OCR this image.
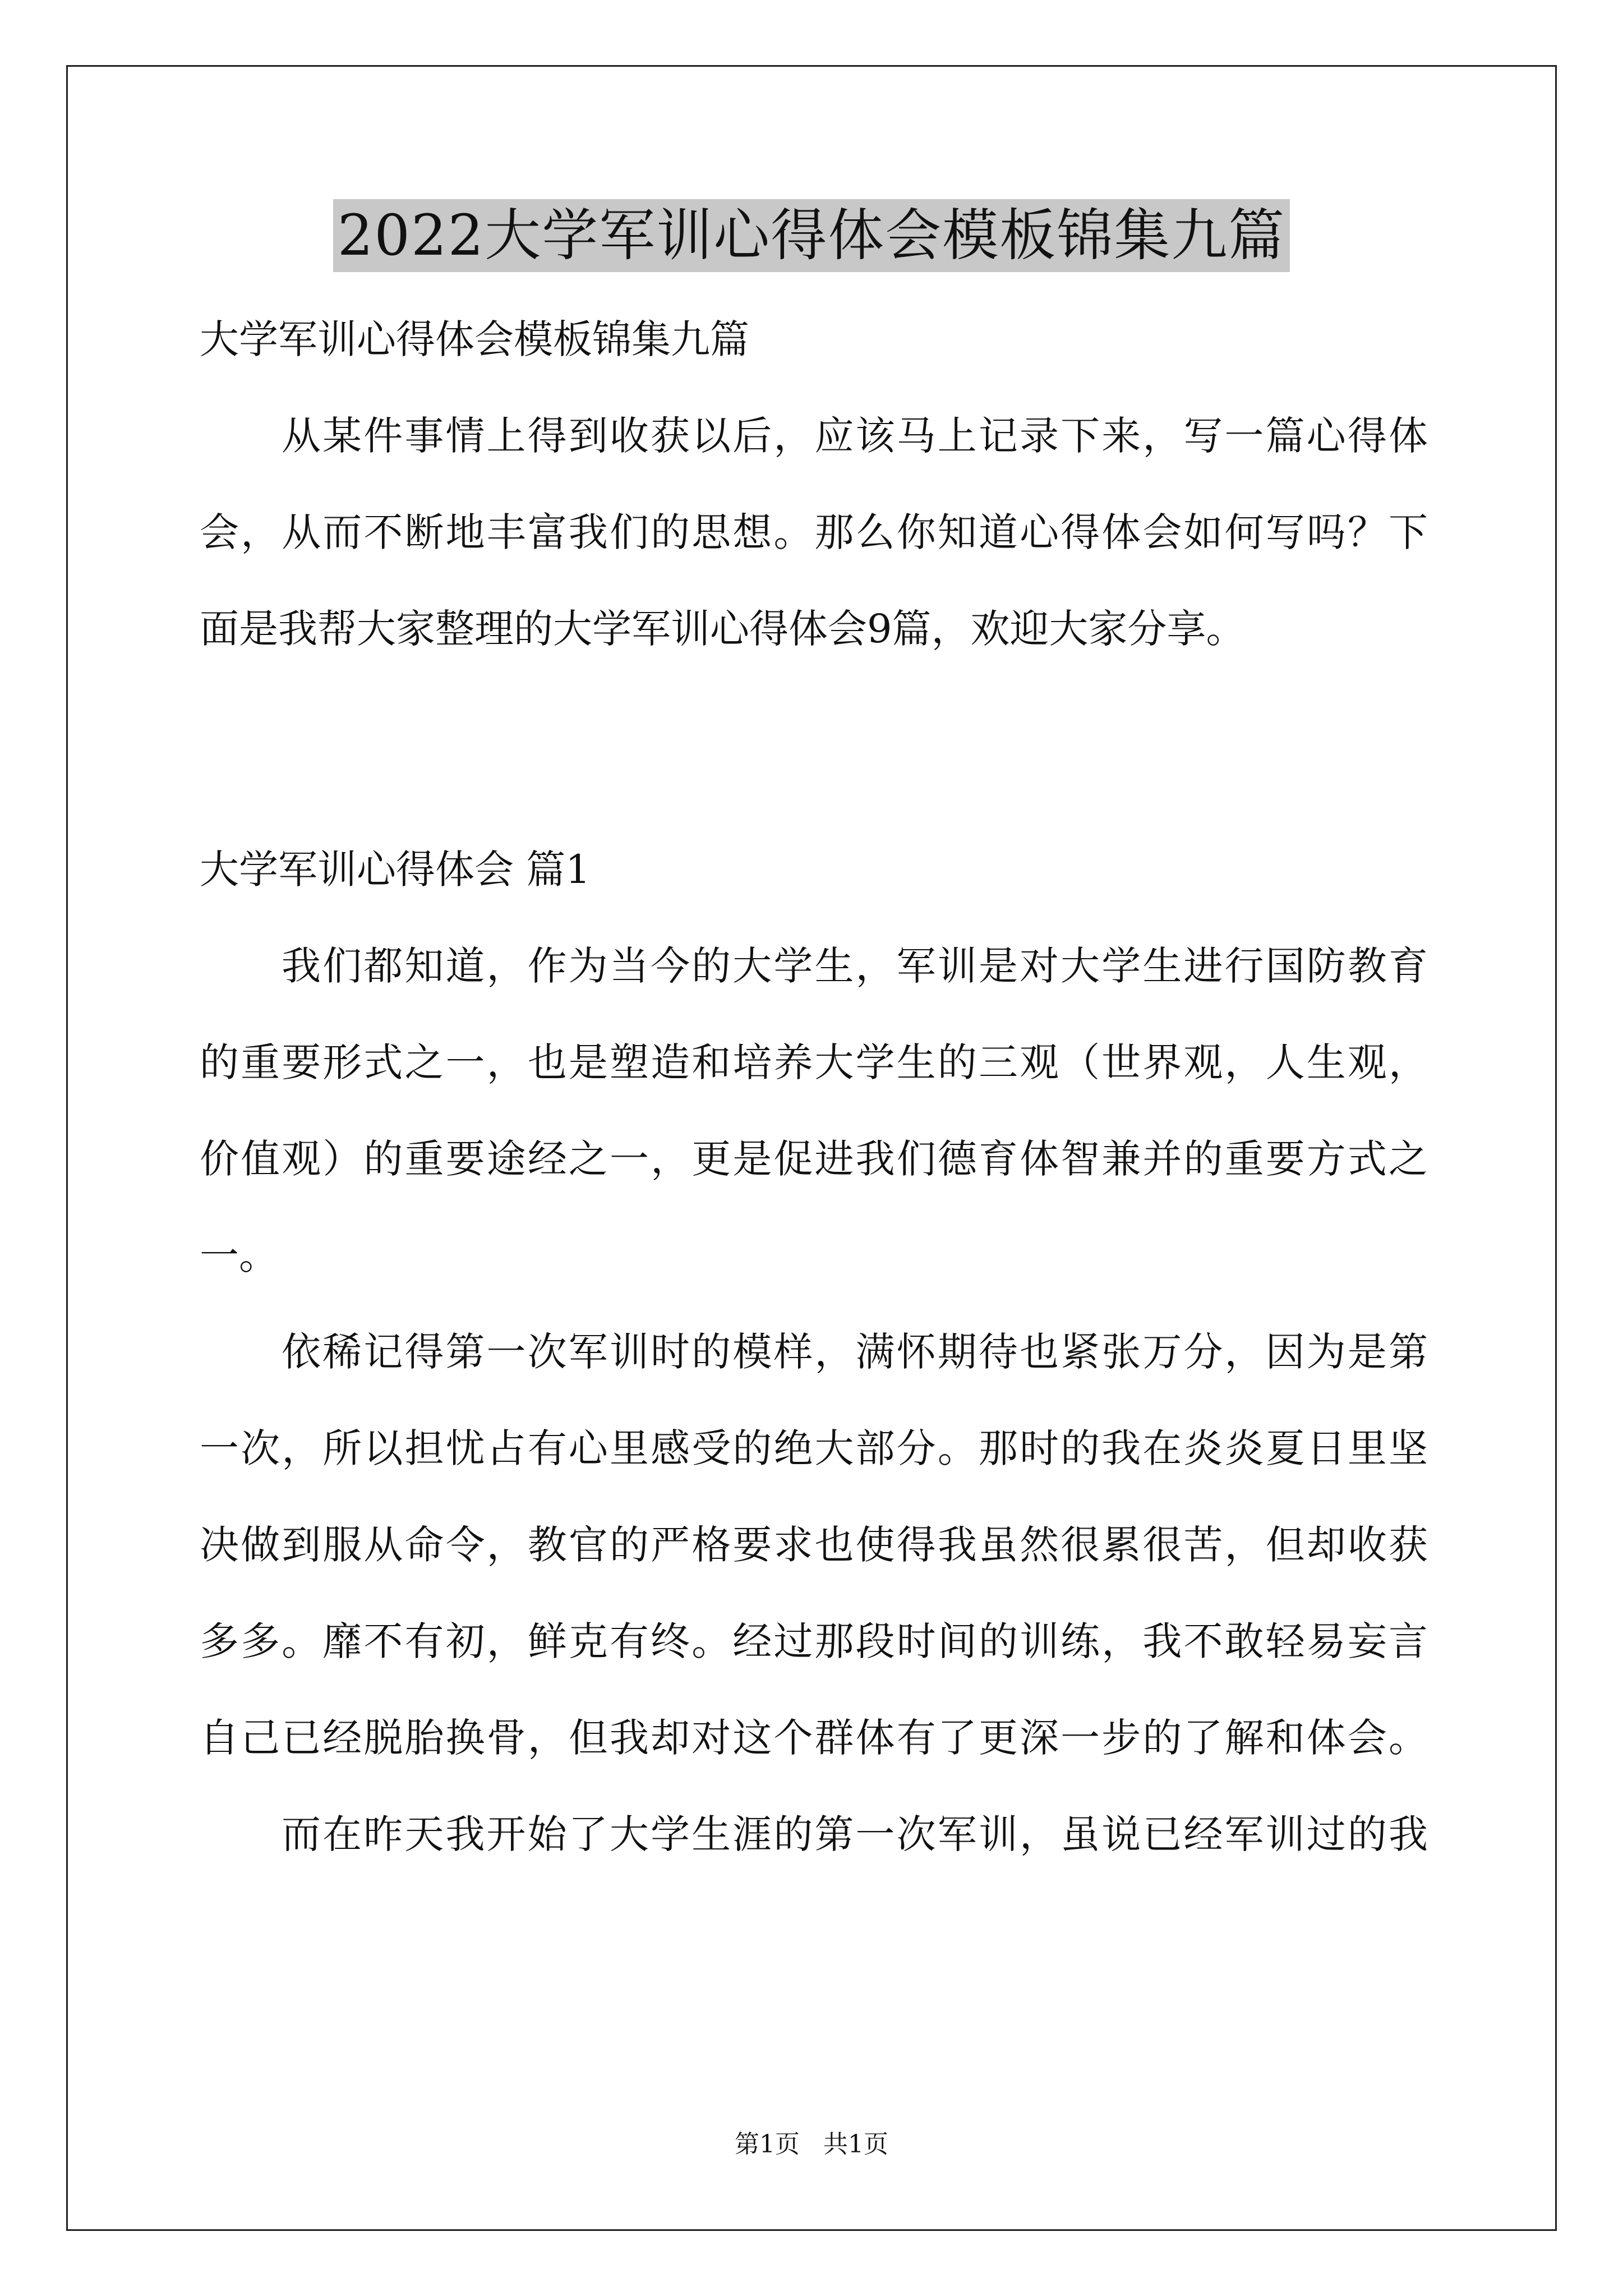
2022大学军训心得体会模板锦集九篇
大学军训心得体会模板锦集九篇
从某件事情上得到收获以后，应该马上记录下来，写一篇心得体
会，从而不断地丰富我们的思想。那么你知道心得体会如何写吗？下
面是我帮大家整理的大学军训心得体会9篇，欢迎大家分享。
大学军训心得体会 篇1
我们都知道，作为当今的大学生，军训是对大学生进行国防教育
的重要形式之一，也是塑造和培养大学生的三观（世界观，人生观，
价值观）的重要途经之一，更是促进我们德育体智兼并的重要方式之
一。
依稀记得第一次军训时的模样，满怀期待也紧张万分，因为是第
一次，所以担忧占有心里感受的绝大部分。那时的我在炎炎夏日里坚
决做到服从命令，教官的严格要求也使得我虽然很累很苦，但却收获
多多。靡不有初，鲜克有终。经过那段时间的训练，我不敢轻易妄言
自己已经脱胎换骨，但我却对这个群体有了更深一步的了解和体会。
而在昨天我开始了大学生涯的第一次军训，虽说已经军训过的我
第1页 共1页
